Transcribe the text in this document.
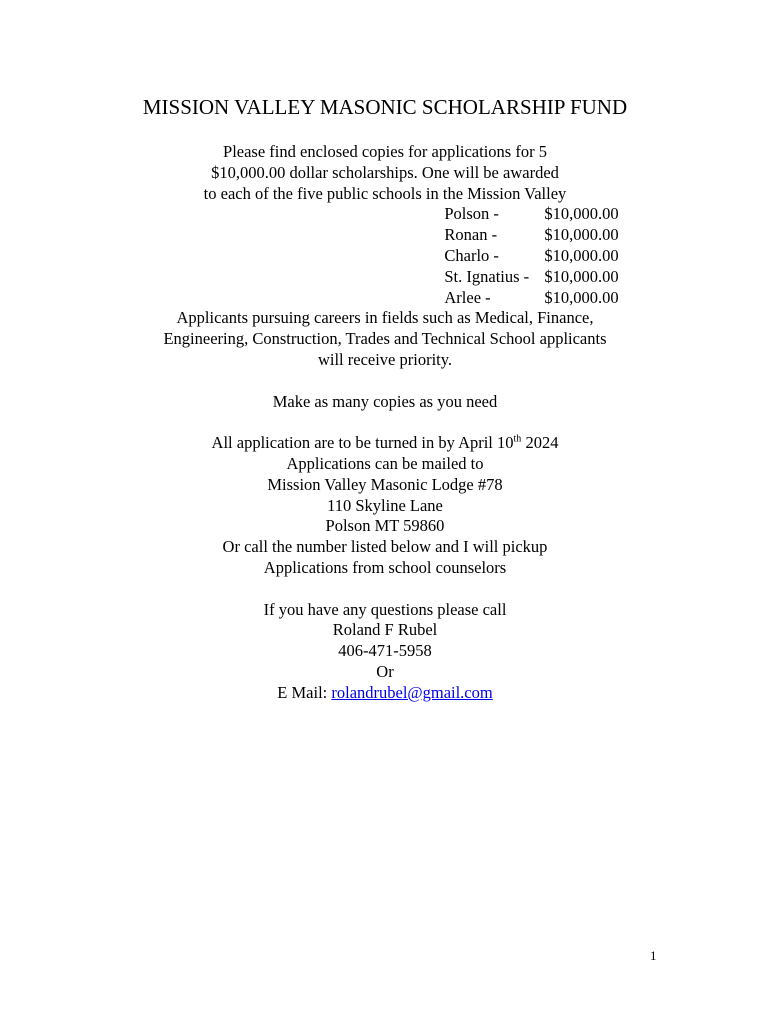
MISSION VALLEY MASONIC SCHOLARSHIP FUND
Please find enclosed copies for applications for 5
$10,000.00 dollar scholarships. One will be awarded
to each of the five public schools in the Mission Valley
Polson -	$10,000.00
Ronan -	$10,000.00
Charlo -	$10,000.00
St. Ignatius - $10,000.00
Arlee -	$10,000.00
Applicants pursuing careers in fields such as Medical, Finance,
Engineering, Construction, Trades and Technical School applicants
will receive priority.
Make as many copies as you need
All application are to be turned in by April 10th 2024
Applications can be mailed to
Mission Valley Masonic Lodge #78
110 Skyline Lane
Polson MT 59860
Or call the number listed below and I will pickup
Applications from school counselors
If you have any questions please call
Roland F Rubel
406-471-5958
Or
E Mail: rolandrubel@gmail.com
1
